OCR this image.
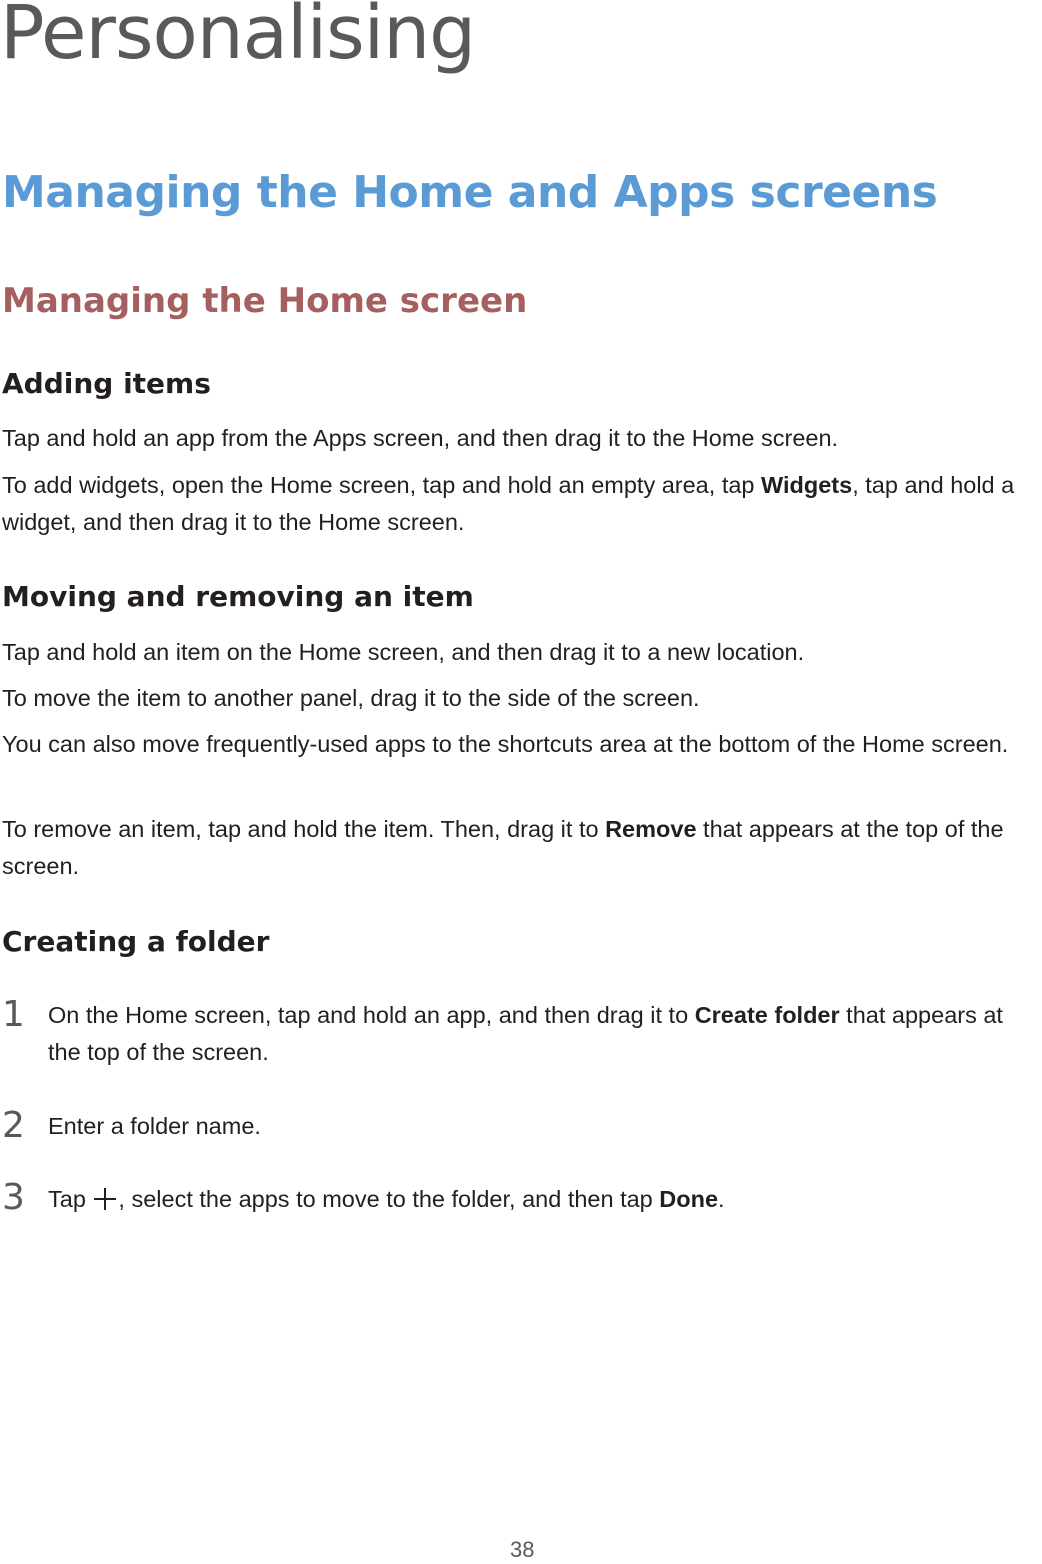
Personalising
Managing the Home and Apps screens
Managing the Home screen
Adding items
Tap and hold an app from the Apps screen, and then drag it to the Home screen.
To add widgets, open the Home screen, tap and hold an empty area, tap Widgets, tap and hold a widget, and then drag it to the Home screen.
Moving and removing an item
Tap and hold an item on the Home screen, and then drag it to a new location.
To move the item to another panel, drag it to the side of the screen.
You can also move frequently-used apps to the shortcuts area at the bottom of the Home screen.
To remove an item, tap and hold the item. Then, drag it to Remove that appears at the top of the screen.
Creating a folder
1 On the Home screen, tap and hold an app, and then drag it to Create folder that appears at the top of the screen.
2 Enter a folder name.
3 Tap , select the apps to move to the folder, and then tap Done.
38
